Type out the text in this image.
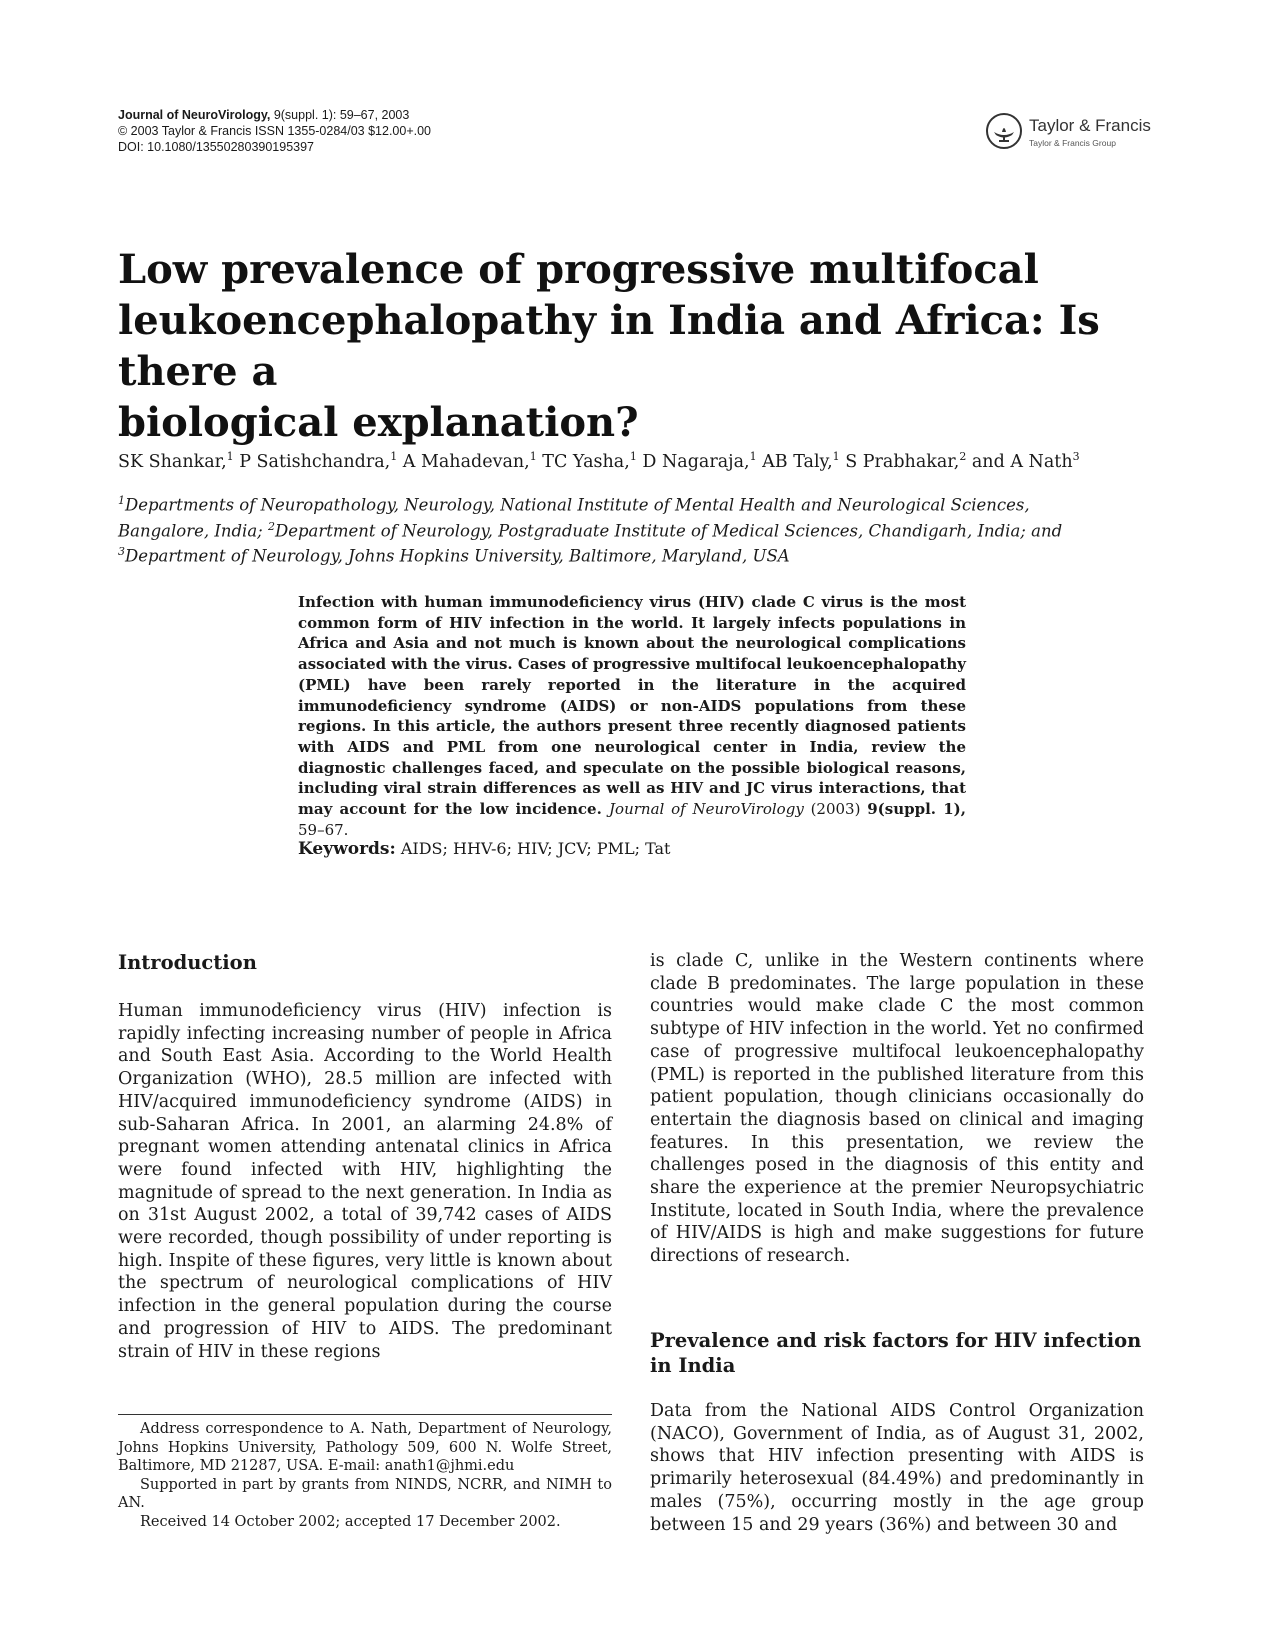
Journal of NeuroVirology, 9(suppl. 1): 59–67, 2003
© 2003 Taylor & Francis ISSN 1355-0284/03 $12.00+.00
DOI: 10.1080/13550280390195397
Taylor & Francis
Taylor & Francis Group
Low prevalence of progressive multifocal
leukoencephalopathy in India and Africa: Is there a
biological explanation?
SK Shankar,$^1$ P Satishchandra,$^1$ A Mahadevan,$^1$ TC Yasha,$^1$ D Nagaraja,$^1$ AB Taly,$^1$ S Prabhakar,$^2$ and A Nath$^3$
$^1$Departments of Neuropathology, Neurology, National Institute of Mental Health and Neurological Sciences,
Bangalore, India; $^2$Department of Neurology, Postgraduate Institute of Medical Sciences, Chandigarh, India; and
$^3$Department of Neurology, Johns Hopkins University, Baltimore, Maryland, USA
Infection with human immunodeficiency virus (HIV) clade C virus is the most common form of HIV infection in the world. It largely infects populations in Africa and Asia and not much is known about the neurological complications associated with the virus. Cases of progressive multifocal leukoencephalopathy (PML) have been rarely reported in the literature in the acquired immunodeficiency syndrome (AIDS) or non-AIDS populations from these regions. In this article, the authors present three recently diagnosed patients with AIDS and PML from one neurological center in India, review the diagnostic challenges faced, and speculate on the possible biological reasons, including viral strain differences as well as HIV and JC virus interactions, that may account for the low incidence. Journal of NeuroVirology (2003) 9(suppl. 1), 59–67.
Keywords: AIDS; HHV-6; HIV; JCV; PML; Tat
Introduction

Human immunodeficiency virus (HIV) infection is rapidly infecting increasing number of people in Africa and South East Asia. According to the World Health Organization (WHO), 28.5 million are infected with HIV/acquired immunodeficiency syndrome (AIDS) in sub-Saharan Africa. In 2001, an alarming 24.8% of pregnant women attending antenatal clinics in Africa were found infected with HIV, highlighting the magnitude of spread to the next generation. In India as on 31st August 2002, a total of 39,742 cases of AIDS were recorded, though possibility of under reporting is high. Inspite of these figures, very little is known about the spectrum of neurological complications of HIV infection in the general population during the course and progression of HIV to AIDS. The predominant strain of HIV in these regions

is clade C, unlike in the Western continents where clade B predominates. The large population in these countries would make clade C the most common subtype of HIV infection in the world. Yet no confirmed case of progressive multifocal leukoencephalopathy (PML) is reported in the published literature from this patient population, though clinicians occasionally do entertain the diagnosis based on clinical and imaging features. In this presentation, we review the challenges posed in the diagnosis of this entity and share the experience at the premier Neuropsychiatric Institute, located in South India, where the prevalence of HIV/AIDS is high and make suggestions for future directions of research.

Prevalence and risk factors for HIV infection in India

Data from the National AIDS Control Organization (NACO), Government of India, as of August 31, 2002, shows that HIV infection presenting with AIDS is primarily heterosexual (84.49%) and predominantly in males (75%), occurring mostly in the age group between 15 and 29 years (36%) and between 30 and

Address correspondence to A. Nath, Department of Neurology, Johns Hopkins University, Pathology 509, 600 N. Wolfe Street, Baltimore, MD 21287, USA. E-mail: anath1@jhmi.edu

Supported in part by grants from NINDS, NCRR, and NIMH to AN.

Received 14 October 2002; accepted 17 December 2002.
